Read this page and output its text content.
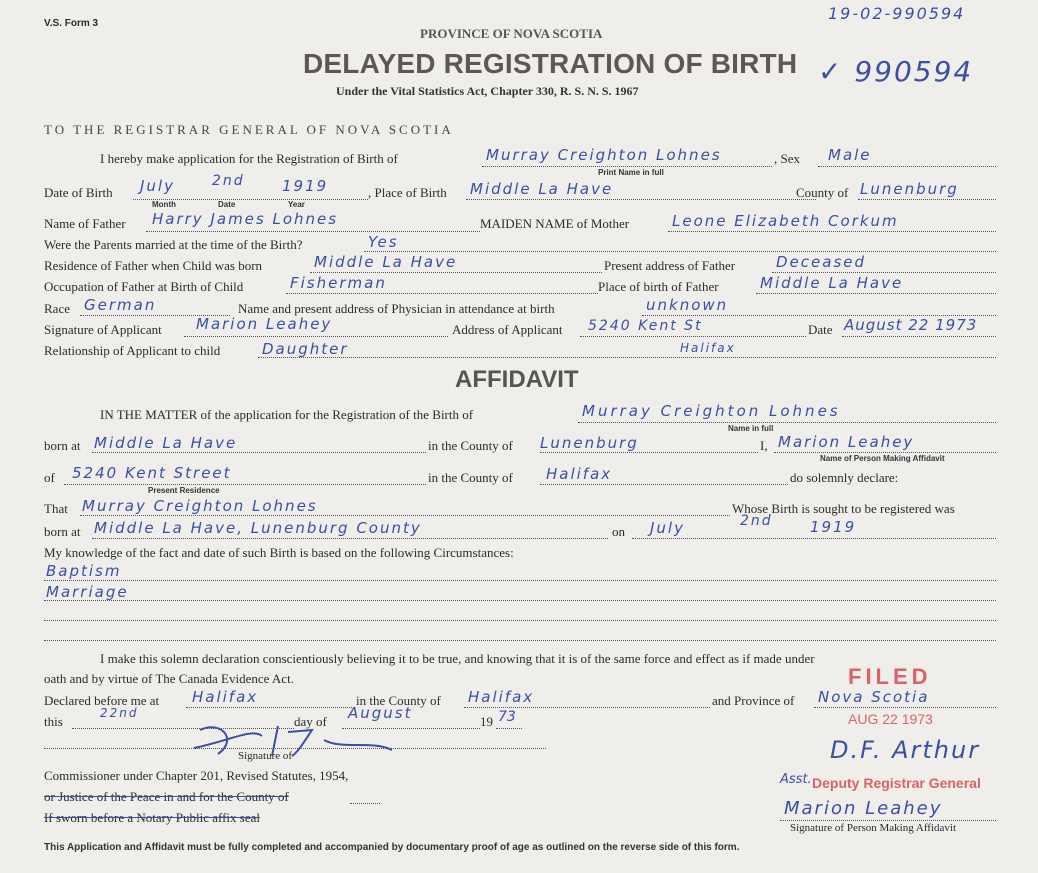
V.S. Form 3
PROVINCE OF NOVA SCOTIA
DELAYED REGISTRATION OF BIRTH
Under the Vital Statistics Act, Chapter 330, R. S. N. S. 1967
19-02-990594
✓ 990594
TO THE REGISTRAR GENERAL OF NOVA SCOTIA
I hereby make application for the Registration of Birth of	Murray Creighton Lohnes
Print Name in full
, Sex Male
Date of Birth July	2nd 1919
Month	Date	Year
, Place of Birth Middle La Have	County of Lunenburg
Name of Father Harry James Lohnes	MAIDEN NAME of Mother	Leone Elizabeth Corkum
Were the Parents married at the time of the Birth?	Yes
Residence of Father when Child was born	Middle La Have	Present address of Father	Deceased
Occupation of Father at Birth of Child	Fisherman	Place of birth of Father	Middle La Have
Race German	Name and present address of Physician in attendance at birth	unknown
Signature of Applicant Marion Leahey	Address of Applicant 5240 Kent St	Date August 22 1973
Relationship of Applicant to child	Daughter	Halifax
AFFIDAVIT
IN THE MATTER of the application for the Registration of the Birth of	Murray Creighton Lohnes
Name in full
born at Middle La Have	in the County of Lunenburg	I, Marion Leahey
Name of Person Making Affidavit
of 5240 Kent Street
Present Residence
in the County of Halifax	do solemnly declare:
That Murray Creighton Lohnes	Whose Birth is sought to be registered was
born at Middle La Have, Lunenburg County	on July	2nd 1919
My knowledge of the fact and date of such Birth is based on the following Circumstances:
Baptism
Marriage
I make this solemn declaration conscientiously believing it to be true, and knowing that it is of the same force and effect as if made under
oath and by virtue of The Canada Evidence Act.
Declared before me at Halifax	in the County of Halifax	and Province of Nova Scotia
this
22nd
day of August	19 73
Signature of
Commissioner under Chapter 201, Revised Statutes, 1954,
or Justice of the Peace in and for the County of
If sworn before a Notary Public affix seal
FILED
AUG 22 1973
D.F. Arthur
Asst. Deputy Registrar General
Marion Leahey
Signature of Person Making Affidavit
This Application and Affidavit must be fully completed and accompanied by documentary proof of age as outlined on the reverse side of this form.
